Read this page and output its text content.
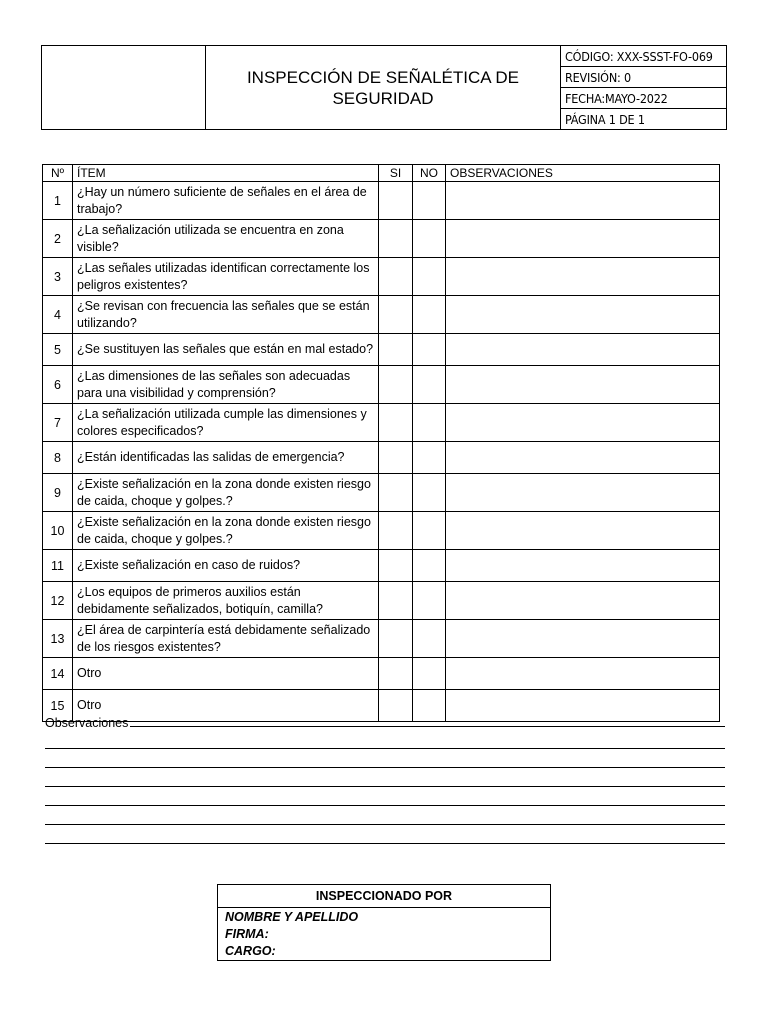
	INSPECCIÓN DE SEÑALÉTICA DE
SEGURIDAD	CÓDIGO: XXX-SSST-FO-069
REVISIÓN: 0
FECHA:MAYO-2022
PÁGINA 1 DE 1
Nº	ÍTEM	SI	NO	OBSERVACIONES
1	¿Hay un número suficiente de señales en el área de trabajo?			
2	¿La señalización utilizada se encuentra en zona visible?			
3	¿Las señales utilizadas identifican correctamente los peligros existentes?			
4	¿Se revisan con frecuencia las señales que se están utilizando?			
5	¿Se sustituyen las señales que están en mal estado?			
6	¿Las dimensiones de las señales son adecuadas para una visibilidad y comprensión?			
7	¿La señalización utilizada cumple las dimensiones y colores especificados?			
8	¿Están identificadas las salidas de emergencia?			
9	¿Existe señalización en la zona donde existen riesgo de caida, choque y golpes.?			
10	¿Existe señalización en la zona donde existen riesgo de caida, choque y golpes.?			
11	¿Existe señalización en caso de ruidos?			
12	¿Los equipos de primeros auxilios están debidamente señalizados, botiquín, camilla?			
13	¿El área de carpintería está debidamente señalizado de los riesgos existentes?			
14	Otro			
15	Otro			
Observaciones
INSPECCIONADO POR
NOMBRE Y APELLIDO
FIRMA:
CARGO:
